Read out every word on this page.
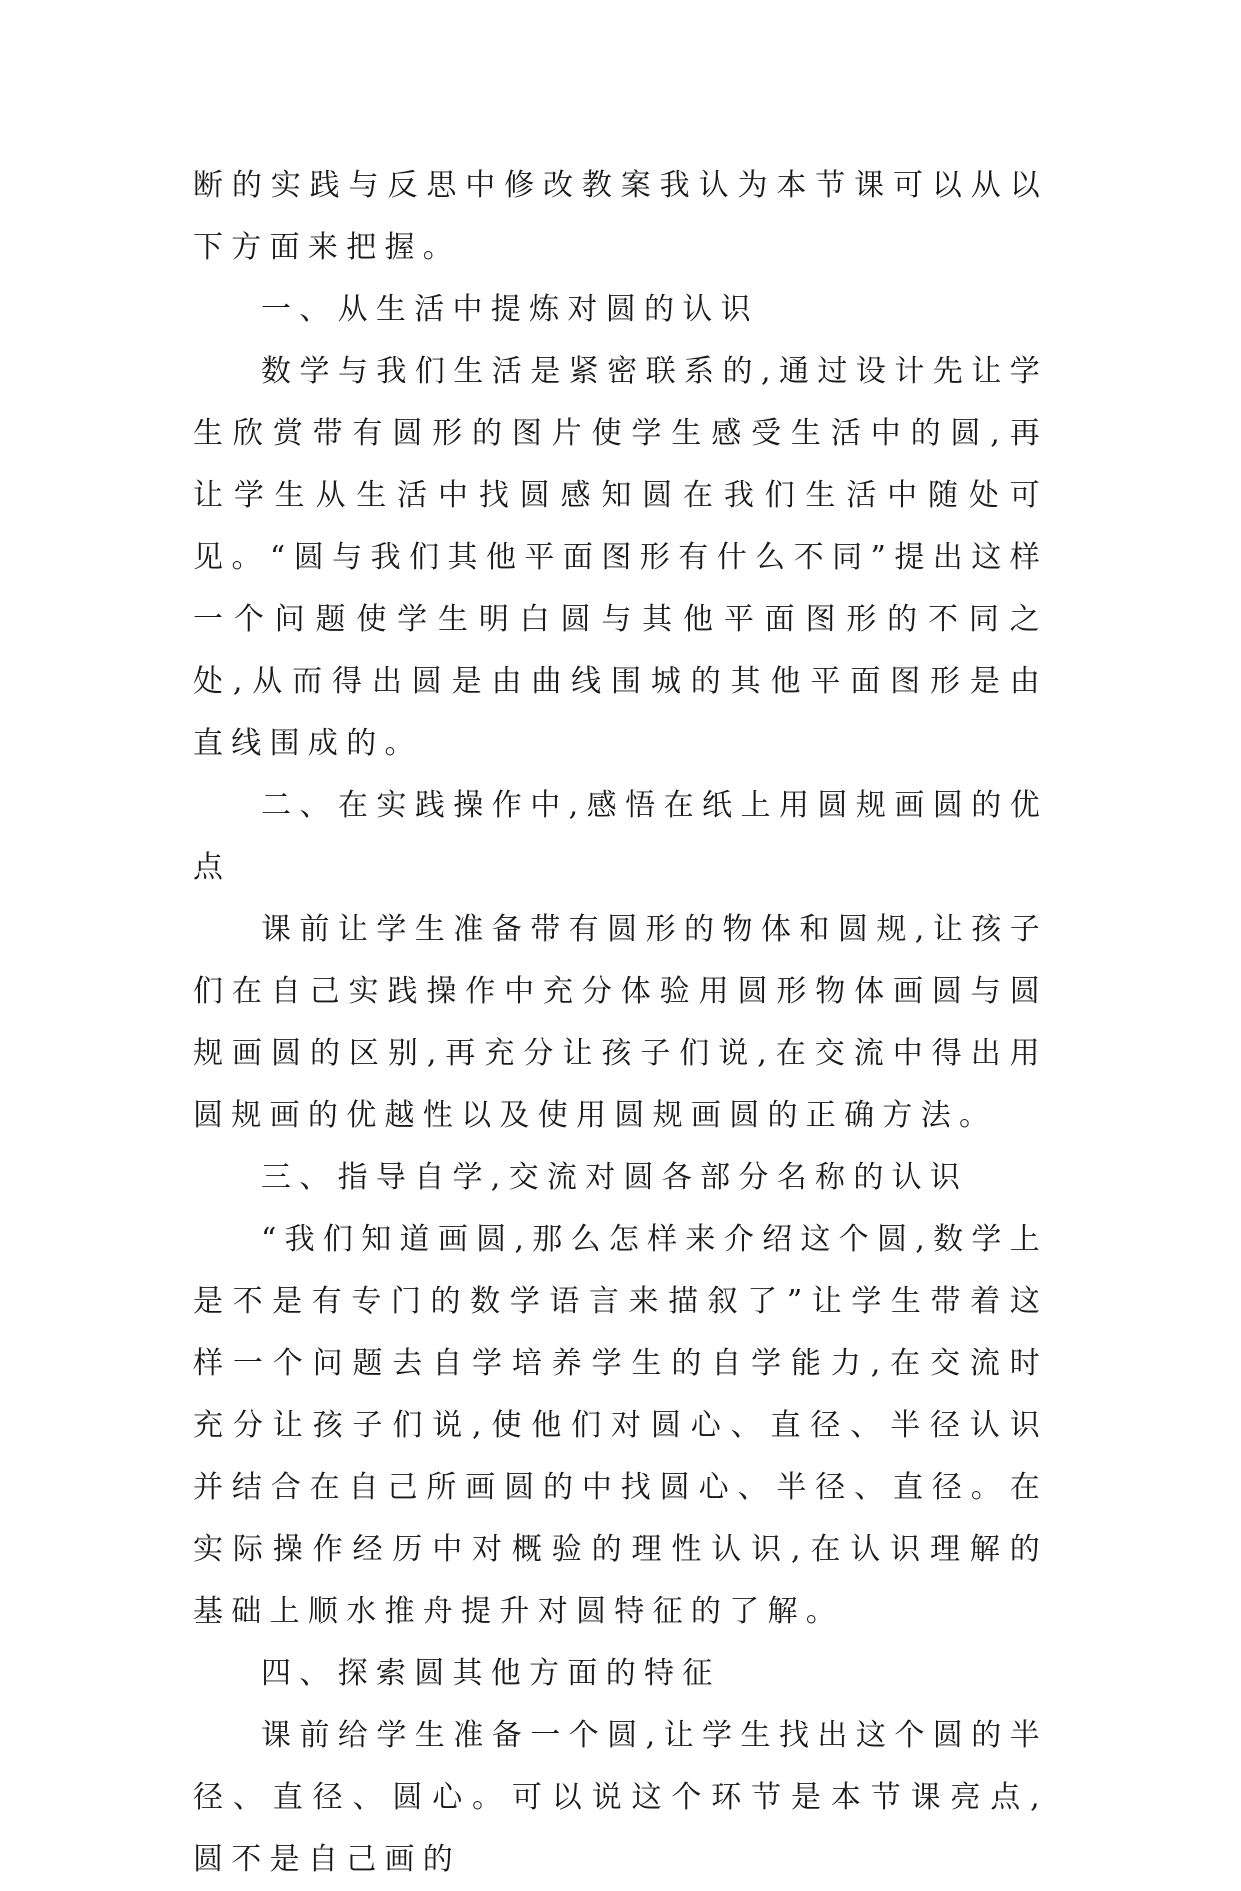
断的实践与反思中修改教案我认为本节课可以从以下方面来把握。

一、从生活中提炼对圆的认识

数学与我们生活是紧密联系的,通过设计先让学生欣赏带有圆形的图片使学生感受生活中的圆,再让学生从生活中找圆感知圆在我们生活中随处可见。“圆与我们其他平面图形有什么不同”提出这样一个问题使学生明白圆与其他平面图形的不同之处,从而得出圆是由曲线围城的其他平面图形是由直线围成的。

二、在实践操作中,感悟在纸上用圆规画圆的优点

课前让学生准备带有圆形的物体和圆规,让孩子们在自己实践操作中充分体验用圆形物体画圆与圆规画圆的区别,再充分让孩子们说,在交流中得出用圆规画的优越性以及使用圆规画圆的正确方法。

三、指导自学,交流对圆各部分名称的认识

“我们知道画圆,那么怎样来介绍这个圆,数学上是不是有专门的数学语言来描叙了”让学生带着这样一个问题去自学培养学生的自学能力,在交流时充分让孩子们说,使他们对圆心、直径、半径认识并结合在自己所画圆的中找圆心、半径、直径。在实际操作经历中对概验的理性认识,在认识理解的基础上顺水推舟提升对圆特征的了解。

四、探索圆其他方面的特征

课前给学生准备一个圆,让学生找出这个圆的半径、直径、圆心。可以说这个环节是本节课亮点,圆不是自己画的
